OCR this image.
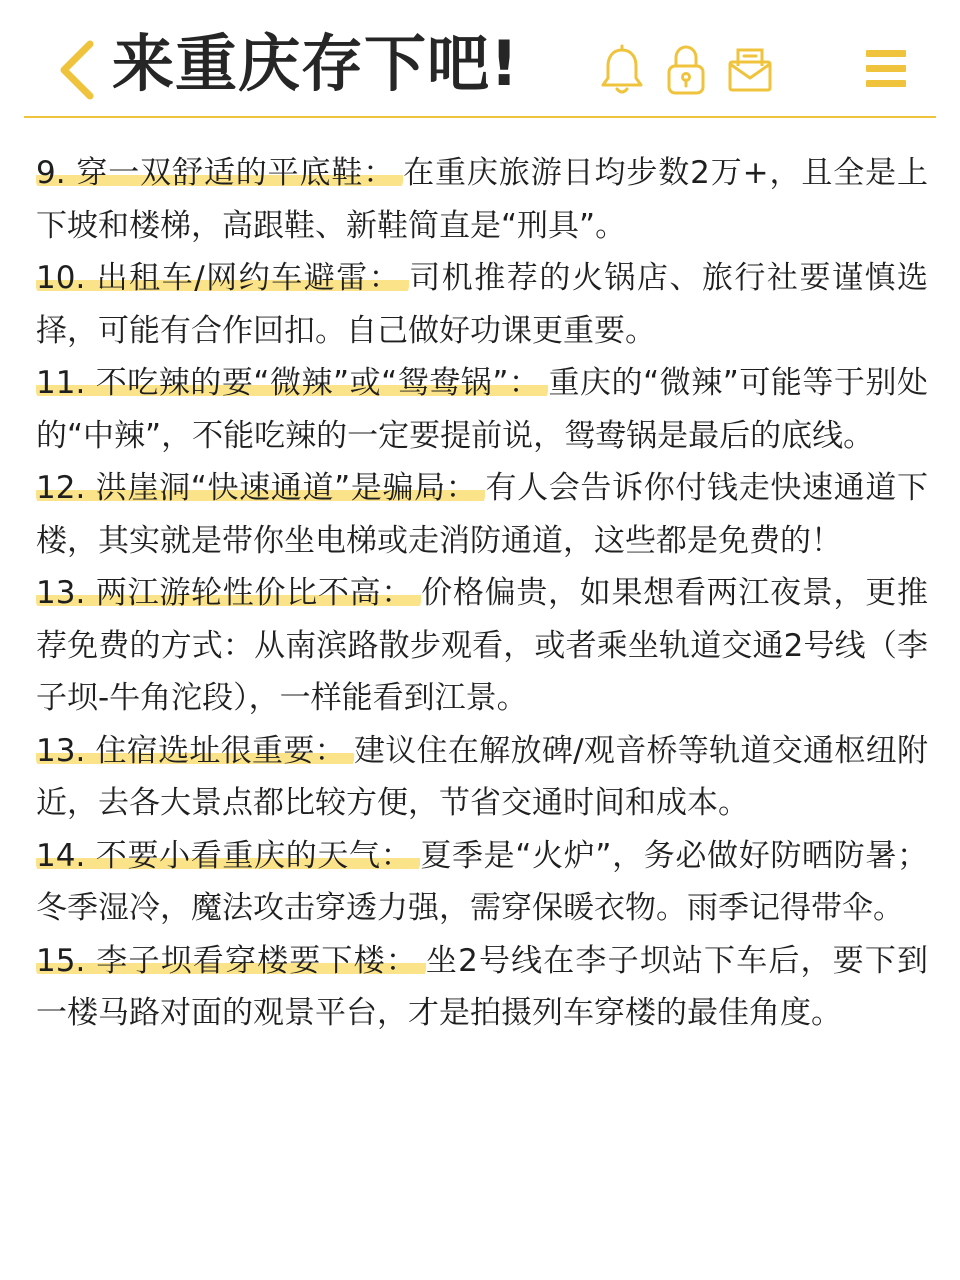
来重庆存下吧!

9. 穿一双舒适的平底鞋： 在重庆旅游日均步数2万+，且全是上下坡和楼梯，高跟鞋、新鞋简直是“刑具”。

10. 出租车/网约车避雷： 司机推荐的火锅店、旅行社要谨慎选择，可能有合作回扣。自己做好功课更重要。

11. 不吃辣的要“微辣”或“鸳鸯锅”： 重庆的“微辣”可能等于别处的“中辣”，不能吃辣的一定要提前说，鸳鸯锅是最后的底线。

12. 洪崖洞“快速通道”是骗局： 有人会告诉你付钱走快速通道下楼，其实就是带你坐电梯或走消防通道，这些都是免费的！

13. 两江游轮性价比不高： 价格偏贵，如果想看两江夜景，更推荐免费的方式：从南滨路散步观看，或者乘坐轨道交通2号线（李子坝-牛角沱段），一样能看到江景。

13. 住宿选址很重要： 建议住在解放碑/观音桥等轨道交通枢纽附近，去各大景点都比较方便，节省交通时间和成本。

14. 不要小看重庆的天气： 夏季是“火炉”，务必做好防晒防暑；冬季湿冷，魔法攻击穿透力强，需穿保暖衣物。雨季记得带伞。

15. 李子坝看穿楼要下楼： 坐2号线在李子坝站下车后，要下到一楼马路对面的观景平台，才是拍摄列车穿楼的最佳角度。
